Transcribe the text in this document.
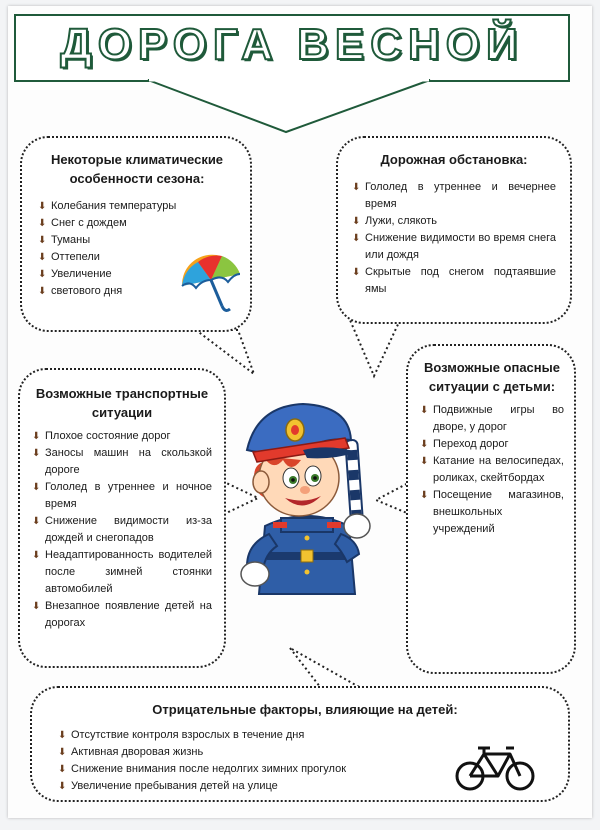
ДОРОГА ВЕСНОЙ
Некоторые климатические особенности сезона:
⬇ Колебания температуры
⬇ Снег с дождем
⬇ Туманы
⬇ Оттепели
⬇ Увеличение
⬇ светового дня
Дорожная обстановка:
⬇ Гололед в утреннее и вечернее время
⬇ Лужи, слякоть
⬇ Снижение видимости во время снега или дождя
⬇ Скрытые под снегом подтаявшие ямы
Возможные транспортные ситуации
⬇ Плохое состояние дорог
⬇ Заносы машин на скользкой дороге
⬇ Гололед в утреннее и ночное время
⬇ Снижение видимости из-за дождей и снегопадов
⬇ Неадаптированность водителей после зимней стоянки автомобилей
⬇ Внезапное появление детей на дорогах
Возможные опасные ситуации с детьми:
⬇ Подвижные игры во дворе, у дорог
⬇ Переход дорог
⬇ Катание на велосипедах, роликах, скейтбордах
⬇ Посещение магазинов, внешкольных учреждений
Отрицательные факторы, влияющие на детей:
⬇ Отсутствие контроля взрослых в течение дня
⬇ Активная дворовая жизнь
⬇ Снижение внимания после недолгих зимних прогулок
⬇ Увеличение пребывания детей на улице
